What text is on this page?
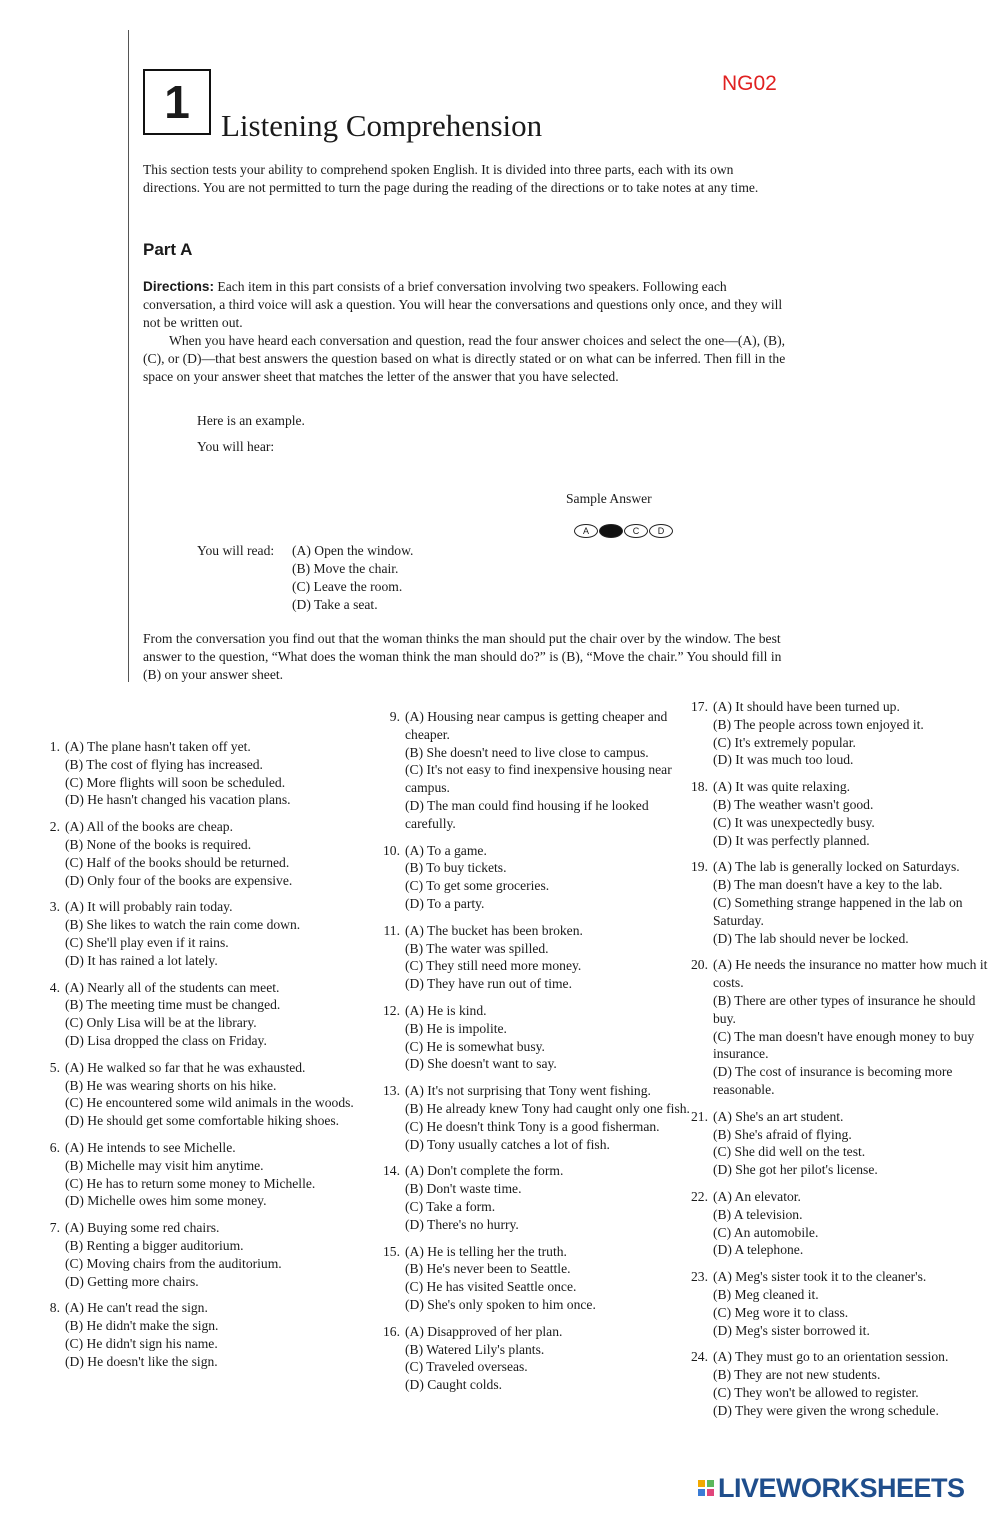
1	Listening Comprehension
NG02
This section tests your ability to comprehend spoken English. It is divided into three parts, each with its own directions. You are not permitted to turn the page during the reading of the directions or to take notes at any time.
Part A
Directions: Each item in this part consists of a brief conversation involving two speakers. Following each conversation, a third voice will ask a question. You will hear the conversations and questions only once, and they will not be written out.
When you have heard each conversation and question, read the four answer choices and select the one—(A), (B), (C), or (D)—that best answers the question based on what is directly stated or on what can be inferred. Then fill in the space on your answer sheet that matches the letter of the answer that you have selected.
Here is an example.
You will hear:
Sample Answer
A B C D
You will read: (A) Open the window.
(B) Move the chair.
(C) Leave the room.
(D) Take a seat.
From the conversation you find out that the woman thinks the man should put the chair over by the window. The best answer to the question, “What does the woman think the man should do?” is (B), “Move the chair.” You should fill in (B) on your answer sheet.
1. (A) The plane hasn't taken off yet.
(B) The cost of flying has increased.
(C) More flights will soon be scheduled.
(D) He hasn't changed his vacation plans.
2. (A) All of the books are cheap.
(B) None of the books is required.
(C) Half of the books should be returned.
(D) Only four of the books are expensive.
3. (A) It will probably rain today.
(B) She likes to watch the rain come down.
(C) She'll play even if it rains.
(D) It has rained a lot lately.
4. (A) Nearly all of the students can meet.
(B) The meeting time must be changed.
(C) Only Lisa will be at the library.
(D) Lisa dropped the class on Friday.
5. (A) He walked so far that he was exhausted.
(B) He was wearing shorts on his hike.
(C) He encountered some wild animals in the woods.
(D) He should get some comfortable hiking shoes.
6. (A) He intends to see Michelle.
(B) Michelle may visit him anytime.
(C) He has to return some money to Michelle.
(D) Michelle owes him some money.
7. (A) Buying some red chairs.
(B) Renting a bigger auditorium.
(C) Moving chairs from the auditorium.
(D) Getting more chairs.
8. (A) He can't read the sign.
(B) He didn't make the sign.
(C) He didn't sign his name.
(D) He doesn't like the sign.
9. (A) Housing near campus is getting cheaper and cheaper.
(B) She doesn't need to live close to campus.
(C) It's not easy to find inexpensive housing near campus.
(D) The man could find housing if he looked carefully.
10. (A) To a game.
(B) To buy tickets.
(C) To get some groceries.
(D) To a party.
11. (A) The bucket has been broken.
(B) The water was spilled.
(C) They still need more money.
(D) They have run out of time.
12. (A) He is kind.
(B) He is impolite.
(C) He is somewhat busy.
(D) She doesn't want to say.
13. (A) It's not surprising that Tony went fishing.
(B) He already knew Tony had caught only one fish.
(C) He doesn't think Tony is a good fisherman.
(D) Tony usually catches a lot of fish.
14. (A) Don't complete the form.
(B) Don't waste time.
(C) Take a form.
(D) There's no hurry.
15. (A) He is telling her the truth.
(B) He's never been to Seattle.
(C) He has visited Seattle once.
(D) She's only spoken to him once.
16. (A) Disapproved of her plan.
(B) Watered Lily's plants.
(C) Traveled overseas.
(D) Caught colds.
17. (A) It should have been turned up.
(B) The people across town enjoyed it.
(C) It's extremely popular.
(D) It was much too loud.
18. (A) It was quite relaxing.
(B) The weather wasn't good.
(C) It was unexpectedly busy.
(D) It was perfectly planned.
19. (A) The lab is generally locked on Saturdays.
(B) The man doesn't have a key to the lab.
(C) Something strange happened in the lab on Saturday.
(D) The lab should never be locked.
20. (A) He needs the insurance no matter how much it costs.
(B) There are other types of insurance he should buy.
(C) The man doesn't have enough money to buy insurance.
(D) The cost of insurance is becoming more reasonable.
21. (A) She's an art student.
(B) She's afraid of flying.
(C) She did well on the test.
(D) She got her pilot's license.
22. (A) An elevator.
(B) A television.
(C) An automobile.
(D) A telephone.
23. (A) Meg's sister took it to the cleaner's.
(B) Meg cleaned it.
(C) Meg wore it to class.
(D) Meg's sister borrowed it.
24. (A) They must go to an orientation session.
(B) They are not new students.
(C) They won't be allowed to register.
(D) They were given the wrong schedule.
LIVEWORKSHEETS
